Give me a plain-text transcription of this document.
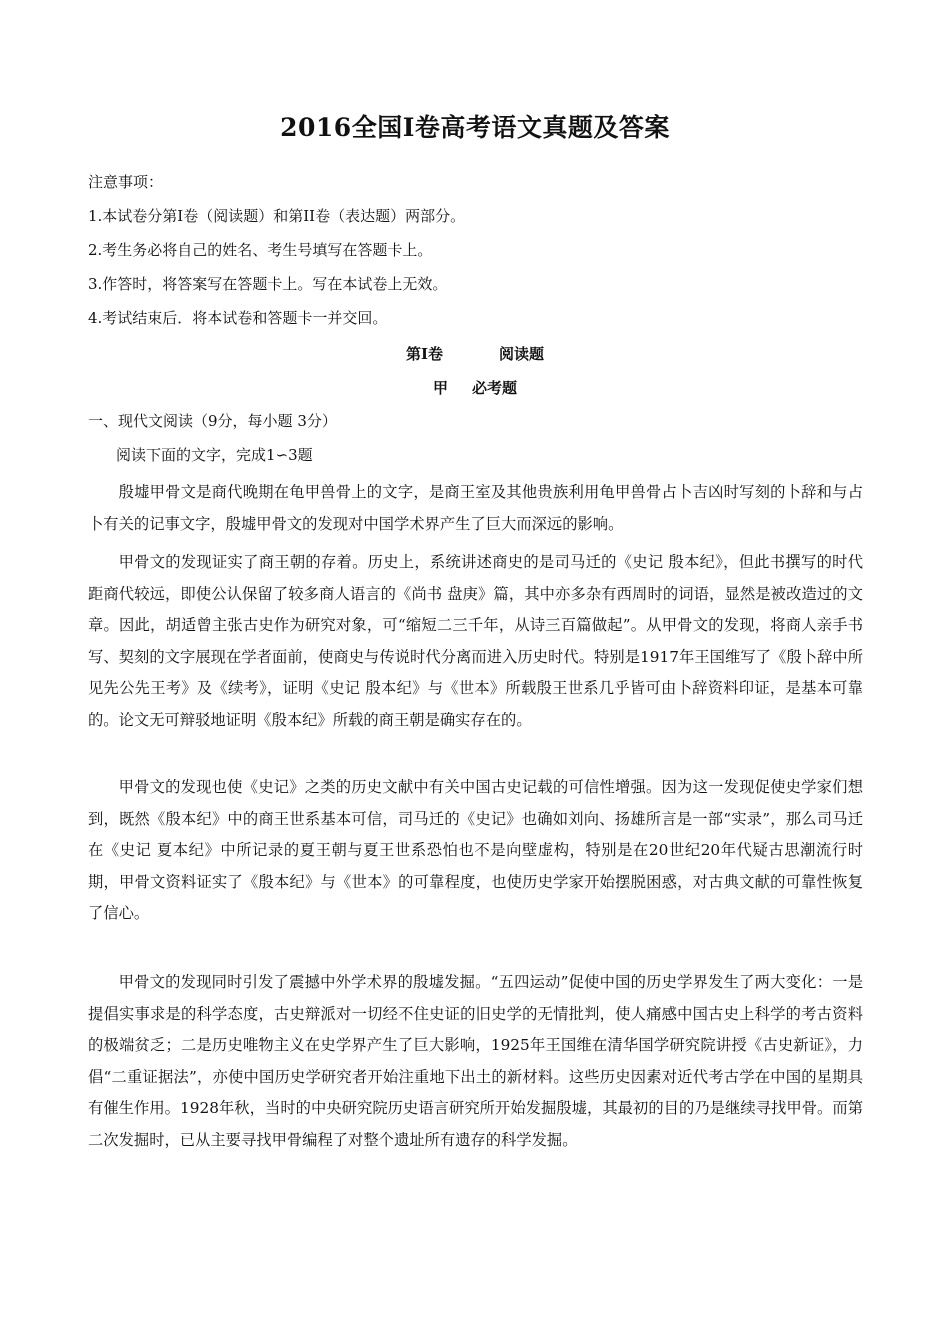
2016全国Ⅰ卷高考语文真题及答案
注意事项：
1.本试卷分第Ⅰ卷（阅读题）和第II卷（表达题）两部分。
2.考生务必将自己的姓名、考生号填写在答题卡上。
3.作答时，将答案写在答题卡上。写在本试卷上无效。
4.考试结束后．将本试卷和答题卡一并交回。
第Ⅰ卷	阅读题
甲 必考题
一、现代文阅读（9分，每小题 3分）
阅读下面的文字，完成1∽3题
殷墟甲骨文是商代晚期在龟甲兽骨上的文字，是商王室及其他贵族利用龟甲兽骨占卜吉凶时写刻的卜辞和与占卜有关的记事文字，殷墟甲骨文的发现对中国学术界产生了巨大而深远的影响。
甲骨文的发现证实了商王朝的存着。历史上，系统讲述商史的是司马迁的《史记 殷本纪》，但此书撰写的时代距商代较远，即使公认保留了较多商人语言的《尚书 盘庚》篇，其中亦多杂有西周时的词语，显然是被改造过的文章。因此，胡适曾主张古史作为研究对象，可“缩短二三千年，从诗三百篇做起”。从甲骨文的发现，将商人亲手书写、契刻的文字展现在学者面前，使商史与传说时代分离而进入历史时代。特别是1917年王国维写了《殷卜辞中所见先公先王考》及《续考》，证明《史记 殷本纪》与《世本》所载殷王世系几乎皆可由卜辞资料印证，是基本可靠的。论文无可辩驳地证明《殷本纪》所载的商王朝是确实存在的。
甲骨文的发现也使《史记》之类的历史文献中有关中国古史记载的可信性增强。因为这一发现促使史学家们想到，既然《殷本纪》中的商王世系基本可信，司马迁的《史记》也确如刘向、扬雄所言是一部“实录”，那么司马迁在《史记 夏本纪》中所记录的夏王朝与夏王世系恐怕也不是向壁虚构，特别是在20世纪20年代疑古思潮流行时期，甲骨文资料证实了《殷本纪》与《世本》的可靠程度，也使历史学家开始摆脱困惑，对古典文献的可靠性恢复了信心。
甲骨文的发现同时引发了震撼中外学术界的殷墟发掘。“五四运动”促使中国的历史学界发生了两大变化：一是提倡实事求是的科学态度，古史辩派对一切经不住史证的旧史学的无情批判，使人痛感中国古史上科学的考古资料的极端贫乏；二是历史唯物主义在史学界产生了巨大影响，1925年王国维在清华国学研究院讲授《古史新证》，力倡“二重证据法”，亦使中国历史学研究者开始注重地下出土的新材料。这些历史因素对近代考古学在中国的星期具有催生作用。1928年秋，当时的中央研究院历史语言研究所开始发掘殷墟，其最初的目的乃是继续寻找甲骨。而第二次发掘时，已从主要寻找甲骨编程了对整个遗址所有遗存的科学发掘。
